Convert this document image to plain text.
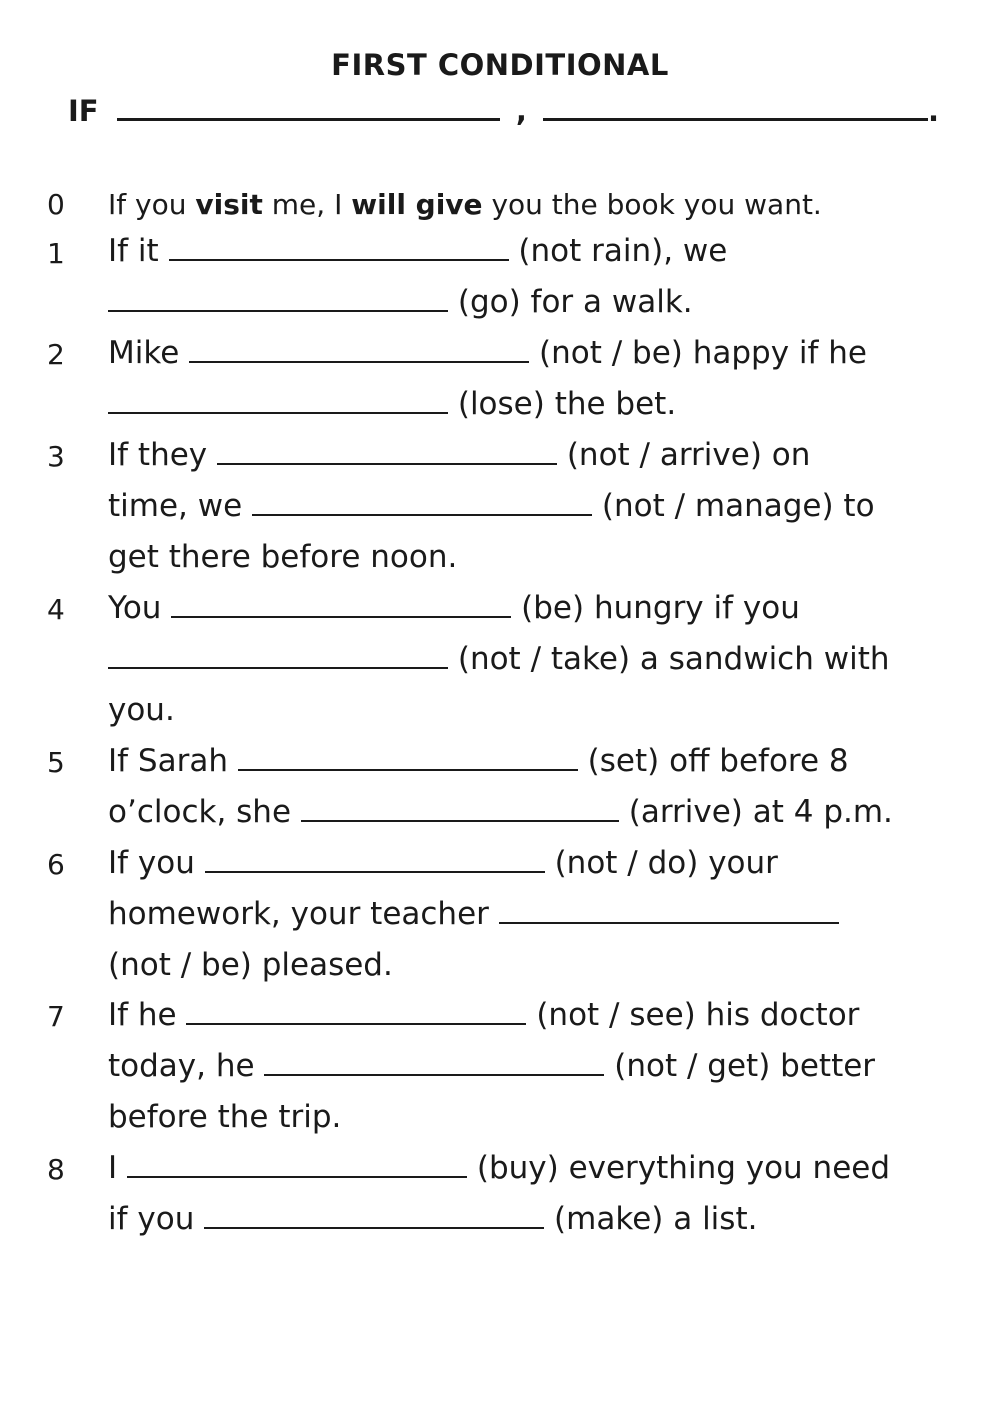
FIRST CONDITIONAL
IF	,	.
0 If you visit me, I will give you the book you want.
1 If it	(not rain), we
(go) for a walk.
2 Mike	(not / be) happy if he
(lose) the bet.
3 If they	(not / arrive) on
time, we	(not / manage) to
get there before noon.
4 You	(be) hungry if you
(not / take) a sandwich with
you.
5 If Sarah	(set) off before 8
o’clock, she	(arrive) at 4 p.m.
6 If you	(not / do) your
homework, your teacher
(not / be) pleased.
7 If he	(not / see) his doctor
today, he	(not / get) better
before the trip.
8 I	(buy) everything you need
if you	(make) a list.
